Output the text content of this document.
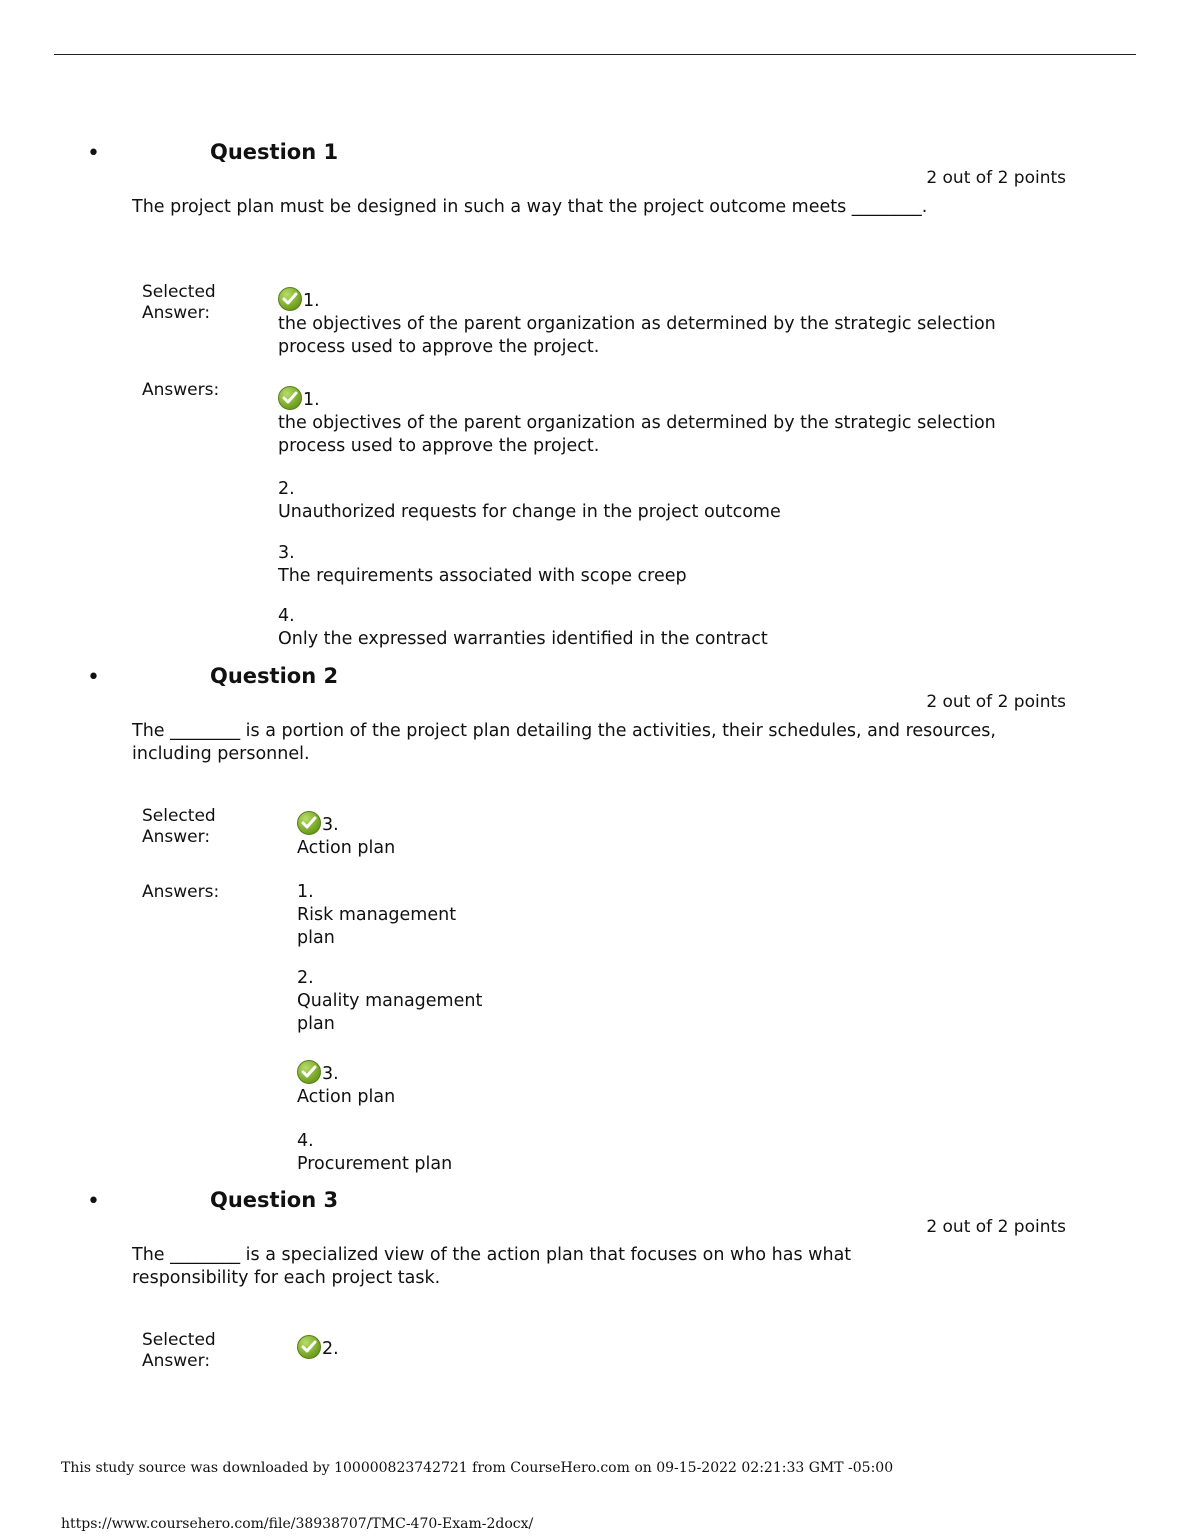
•	Question 1
2 out of 2 points
The project plan must be designed in such a way that the project outcome meets ________.
Selected Answer:
1.
the objectives of the parent organization as determined by the strategic selection process used to approve the project.
Answers:	1.
the objectives of the parent organization as determined by the strategic selection process used to approve the project.
2.
Unauthorized requests for change in the project outcome
3.
The requirements associated with scope creep
4.
Only the expressed warranties identified in the contract
•	Question 2
2 out of 2 points
The ________ is a portion of the project plan detailing the activities, their schedules, and resources, including personnel.
Selected Answer:
3.
Action plan
Answers:	1.
Risk management plan
2.
Quality management plan
3.
Action plan
4.
Procurement plan
•	Question 3
2 out of 2 points
The ________ is a specialized view of the action plan that focuses on who has what responsibility for each project task.
Selected Answer:
2.
This study source was downloaded by 100000823742721 from CourseHero.com on 09-15-2022 02:21:33 GMT -05:00
https://www.coursehero.com/file/38938707/TMC-470-Exam-2docx/
